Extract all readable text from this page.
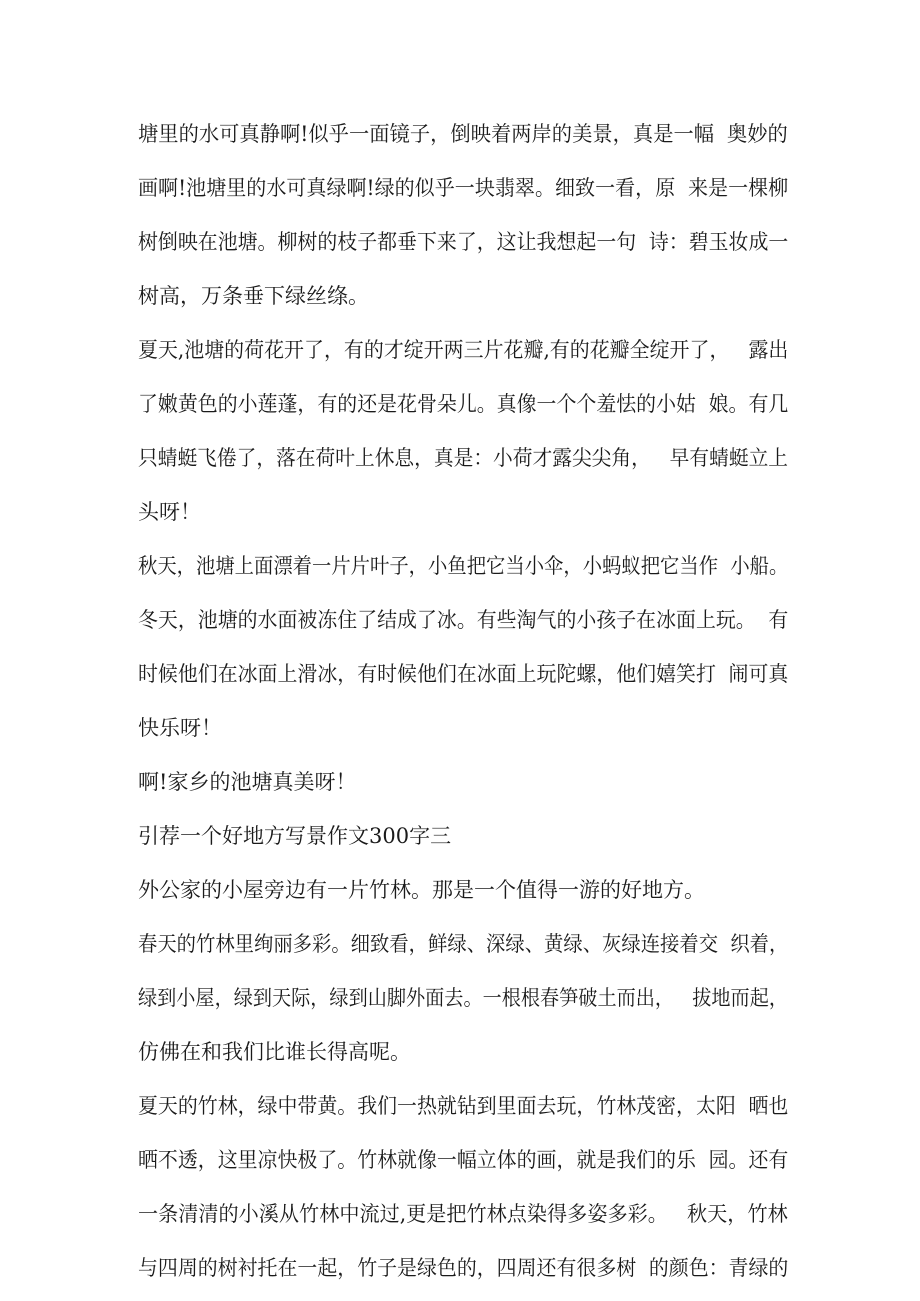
塘里的水可真静啊!似乎一面镜子，倒映着两岸的美景，真是一幅  奥妙的
画啊!池塘里的水可真绿啊!绿的似乎一块翡翠。细致一看，原  来是一棵柳
树倒映在池塘。柳树的枝子都垂下来了，这让我想起一句  诗：碧玉妆成一
树高，万条垂下绿丝绦。
夏天,池塘的荷花开了，有的才绽开两三片花瓣,有的花瓣全绽开了，   露出
了嫩黄色的小莲蓬，有的还是花骨朵儿。真像一个个羞怯的小姑  娘。有几
只蜻蜓飞倦了，落在荷叶上休息，真是：小荷才露尖尖角，   早有蜻蜓立上
头呀！
秋天，池塘上面漂着一片片叶子，小鱼把它当小伞，小蚂蚁把它当作  小船。
冬天，池塘的水面被冻住了结成了冰。有些淘气的小孩子在冰面上玩。  有
时候他们在冰面上滑冰，有时候他们在冰面上玩陀螺，他们嬉笑打  闹可真
快乐呀！
啊!家乡的池塘真美呀！
引荐一个好地方写景作文300字三
外公家的小屋旁边有一片竹林。那是一个值得一游的好地方。
春天的竹林里绚丽多彩。细致看，鲜绿、深绿、黄绿、灰绿连接着交  织着，
绿到小屋，绿到天际，绿到山脚外面去。一根根春笋破土而出，   拔地而起，
仿佛在和我们比谁长得高呢。
夏天的竹林，绿中带黄。我们一热就钻到里面去玩，竹林茂密，太阳  晒也
晒不透，这里凉快极了。竹林就像一幅立体的画，就是我们的乐  园。还有
一条清清的小溪从竹林中流过,更是把竹林点染得多姿多彩。   秋天，竹林
与四周的树衬托在一起，竹子是绿色的，四周还有很多树  的颜色：青绿的
